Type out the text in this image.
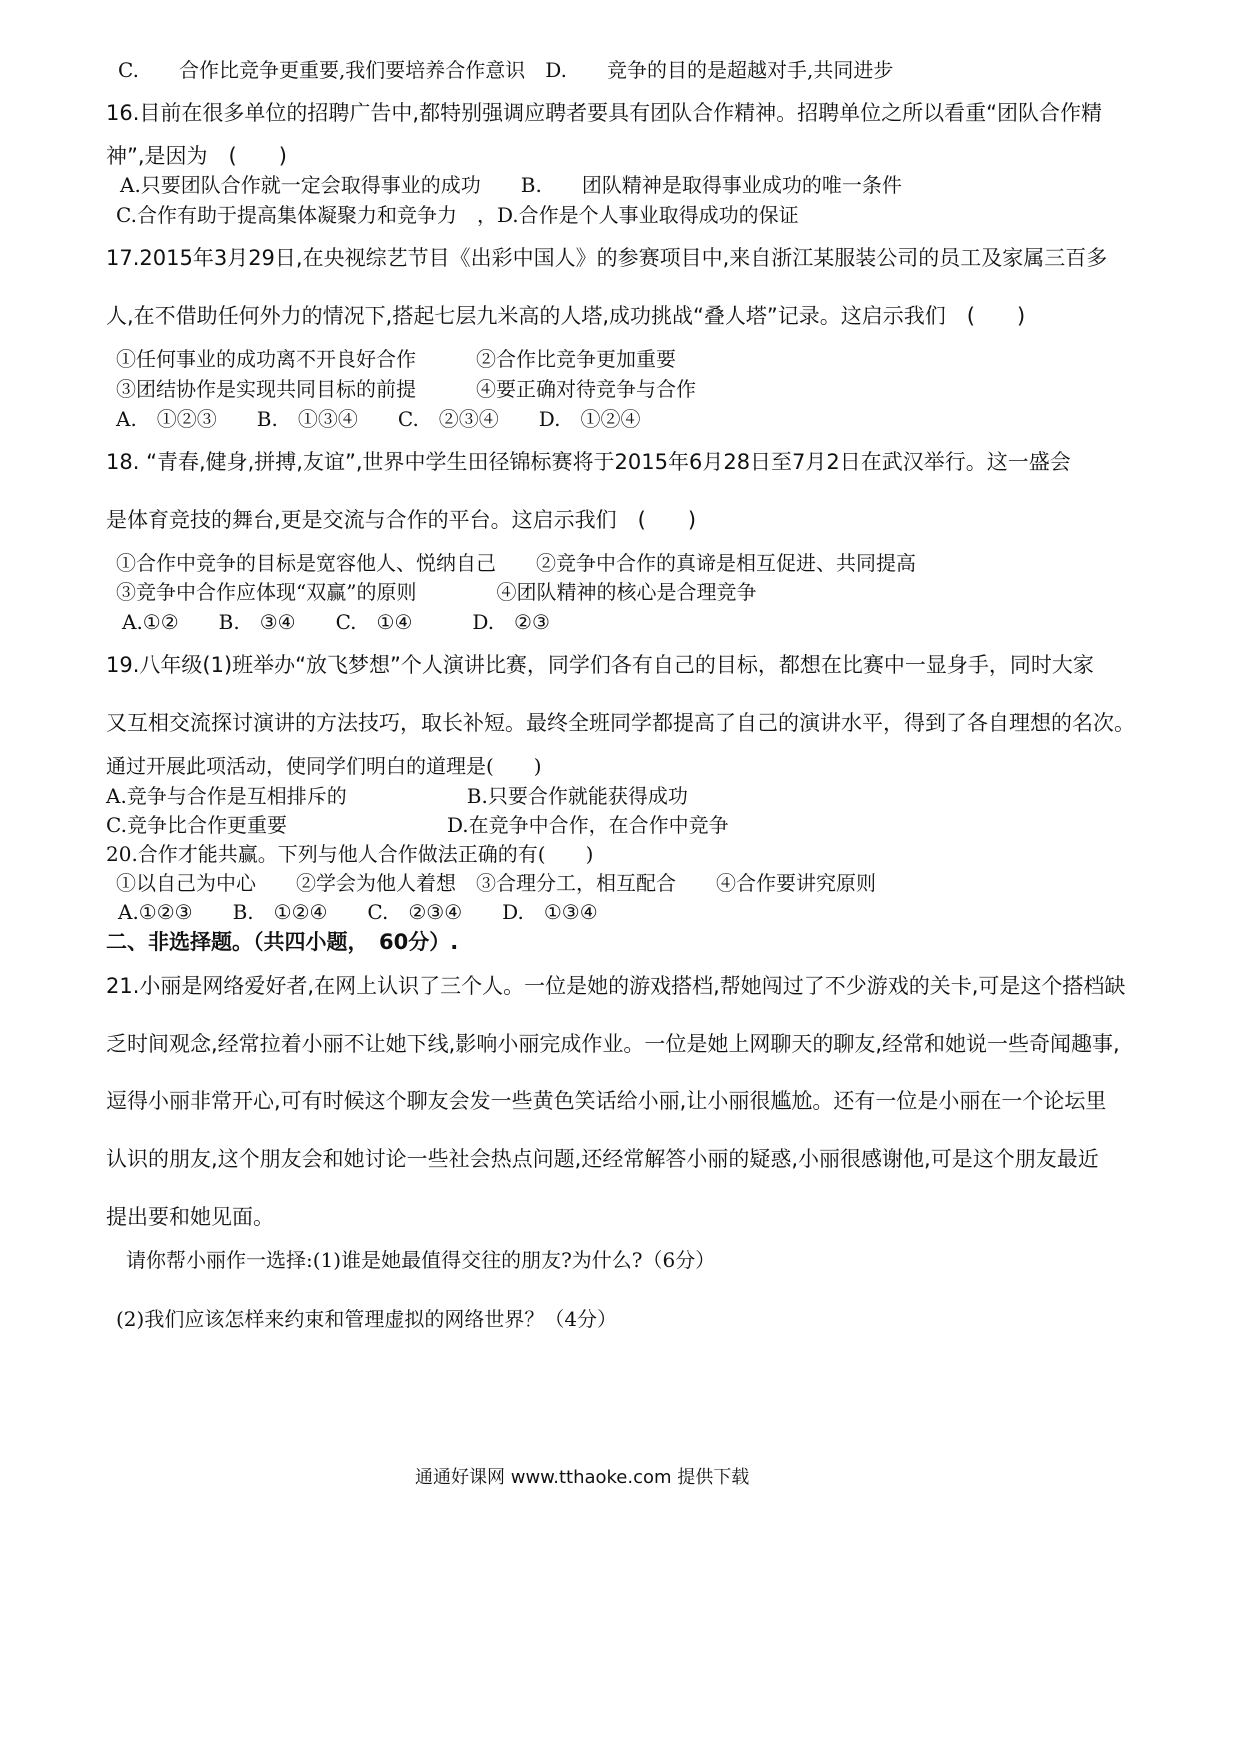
C.　　合作比竞争更重要,我们要培养合作意识　D.　　竞争的目的是超越对手,共同进步
16.目前在很多单位的招聘广告中,都特别强调应聘者要具有团队合作精神。招聘单位之所以看重“团队合作精
神”,是因为　(　　)
A.只要团队合作就一定会取得事业的成功　　B.　　团队精神是取得事业成功的唯一条件
C.合作有助于提高集体凝聚力和竞争力　，D.合作是个人事业取得成功的保证
17.2015年3月29日,在央视综艺节目《出彩中国人》的参赛项目中,来自浙江某服装公司的员工及家属三百多
人,在不借助任何外力的情况下,搭起七层九米高的人塔,成功挑战“叠人塔”记录。这启示我们　(　　)
①任何事业的成功离不开良好合作　　　②合作比竞争更加重要
③团结协作是实现共同目标的前提　　　④要正确对待竞争与合作
A.　①②③　　B.　①③④　　C.　②③④　　D.　①②④
18. “青春,健身,拼搏,友谊”,世界中学生田径锦标赛将于2015年6月28日至7月2日在武汉举行。这一盛会
是体育竞技的舞台,更是交流与合作的平台。这启示我们　(　　)
①合作中竞争的目标是宽容他人、悦纳自己　　②竞争中合作的真谛是相互促进、共同提高
③竞争中合作应体现“双赢”的原则　　　　④团队精神的核心是合理竞争
A.①②　　B.　③④　　C.　①④　　　D.　②③
19.八年级(1)班举办“放飞梦想”个人演讲比赛，同学们各有自己的目标，都想在比赛中一显身手，同时大家
又互相交流探讨演讲的方法技巧，取长补短。最终全班同学都提高了自己的演讲水平，得到了各自理想的名次。
通过开展此项活动，使同学们明白的道理是(　　)
A.竞争与合作是互相排斥的　　　　　　B.只要合作就能获得成功
C.竞争比合作更重要　　　　　　　　D.在竞争中合作，在合作中竞争
20.合作才能共赢。下列与他人合作做法正确的有(　　)
①以自己为中心　　②学会为他人着想　③合理分工，相互配合　　④合作要讲究原则
A.①②③　　B.　①②④　　C.　②③④　　D.　①③④
二、非选择题。（共四小题，　60分）.
21.小丽是网络爱好者,在网上认识了三个人。一位是她的游戏搭档,帮她闯过了不少游戏的关卡,可是这个搭档缺
乏时间观念,经常拉着小丽不让她下线,影响小丽完成作业。一位是她上网聊天的聊友,经常和她说一些奇闻趣事,
逗得小丽非常开心,可有时候这个聊友会发一些黄色笑话给小丽,让小丽很尴尬。还有一位是小丽在一个论坛里
认识的朋友,这个朋友会和她讨论一些社会热点问题,还经常解答小丽的疑惑,小丽很感谢他,可是这个朋友最近
提出要和她见面。
请你帮小丽作一选择:(1)谁是她最值得交往的朋友?为什么?（6分）
(2)我们应该怎样来约束和管理虚拟的网络世界？（4分）
通通好课网 www.tthaoke.com 提供下载
